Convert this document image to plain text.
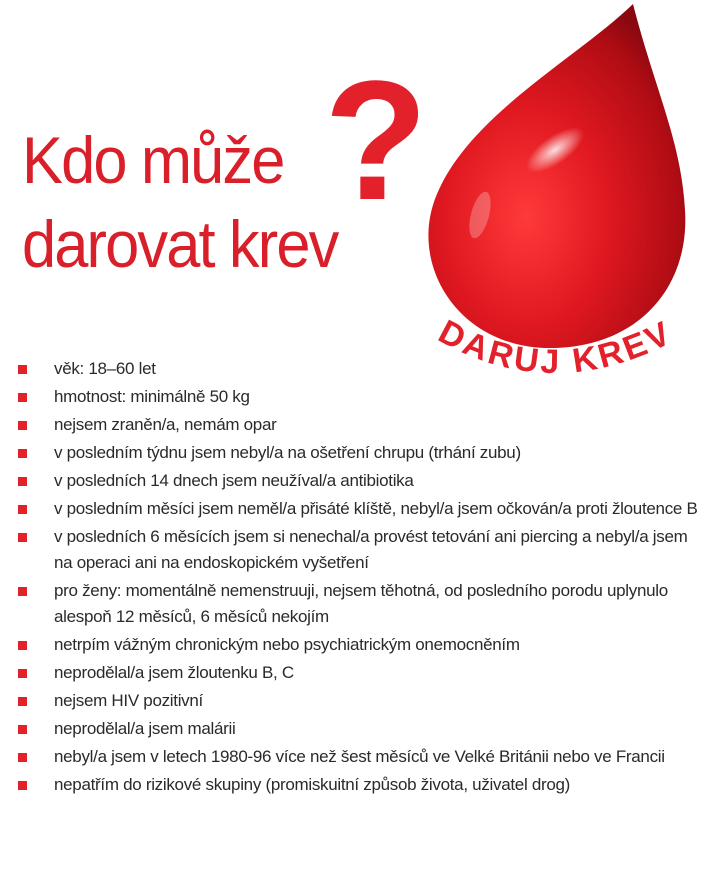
?
Kdo může
darovat krev
DARUJ KREV
věk: 18–60 let
hmotnost: minimálně 50 kg
nejsem zraněn/a, nemám opar
v posledním týdnu jsem nebyl/a na ošetření chrupu (trhání zubu)
v posledních 14 dnech jsem neužíval/a antibiotika
v posledním měsíci jsem neměl/a přisáté klíště, nebyl/a jsem očkován/a proti žloutence B
v posledních 6 měsících jsem si nenechal/a provést tetování ani piercing a nebyl/a jsem na operaci ani na endoskopickém vyšetření
pro ženy: momentálně nemenstruuji, nejsem těhotná, od posledního porodu uplynulo alespoň 12 měsíců, 6 měsíců nekojím
netrpím vážným chronickým nebo psychiatrickým onemocněním
neprodělal/a jsem žloutenku B, C
nejsem HIV pozitivní
neprodělal/a jsem malárii
nebyl/a jsem v letech 1980-96 více než šest měsíců ve Velké Británii nebo ve Francii
nepatřím do rizikové skupiny (promiskuitní způsob života, uživatel drog)
